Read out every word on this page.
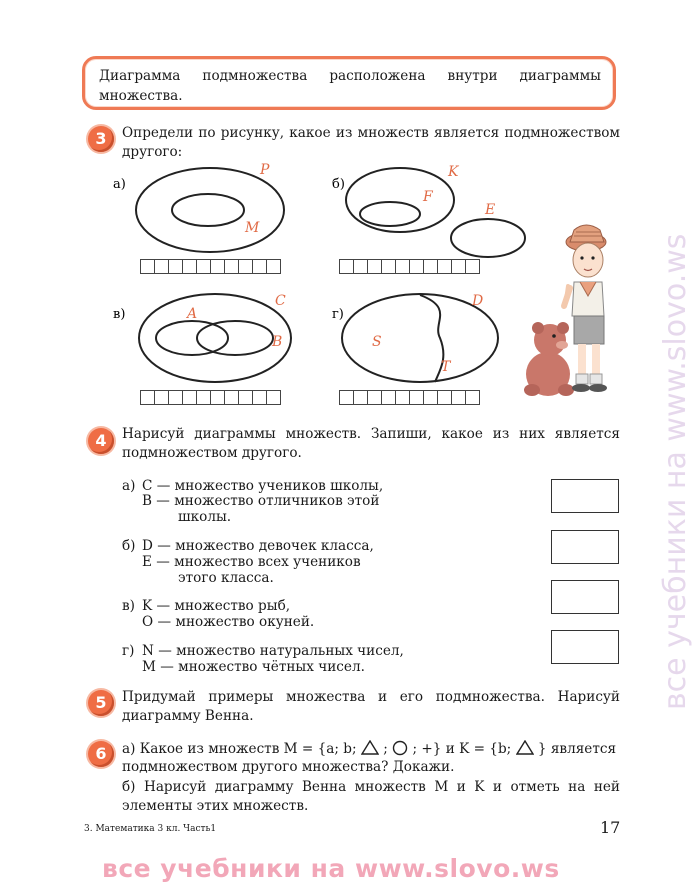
Диаграмма подмножества расположена внутри диаграммы множества.
3	Определи по рисунку, какое из множеств является подмножеством другого:
а)
P
M
б)
K
F
E
в)
C
A
B
г)
D
S
T
4	Нарисуй диаграммы множеств. Запиши, какое из них является подмножеством другого.
а) C — множество учеников школы,
B — множество отличников этой
школы.
б) D — множество девочек класса,
E — множество всех учеников
этого класса.
в) K — множество рыб,
O — множество окуней.
г) N — множество натуральных чисел,
M — множество чётных чисел.
5	Придумай примеры множества и его подмножества. Нарисуй диаграмму Венна.
6	а) Какое из множеств M = {a; b; ; ; +} и K = {b; } является
подмножеством другого множества? Докажи.
б) Нарисуй диаграмму Венна множеств M и K и отметь на ней элементы этих множеств.
3. Математика 3 кл. Часть1	17
все учебники на www.slovo.ws
все учебники на www.slovo.ws
